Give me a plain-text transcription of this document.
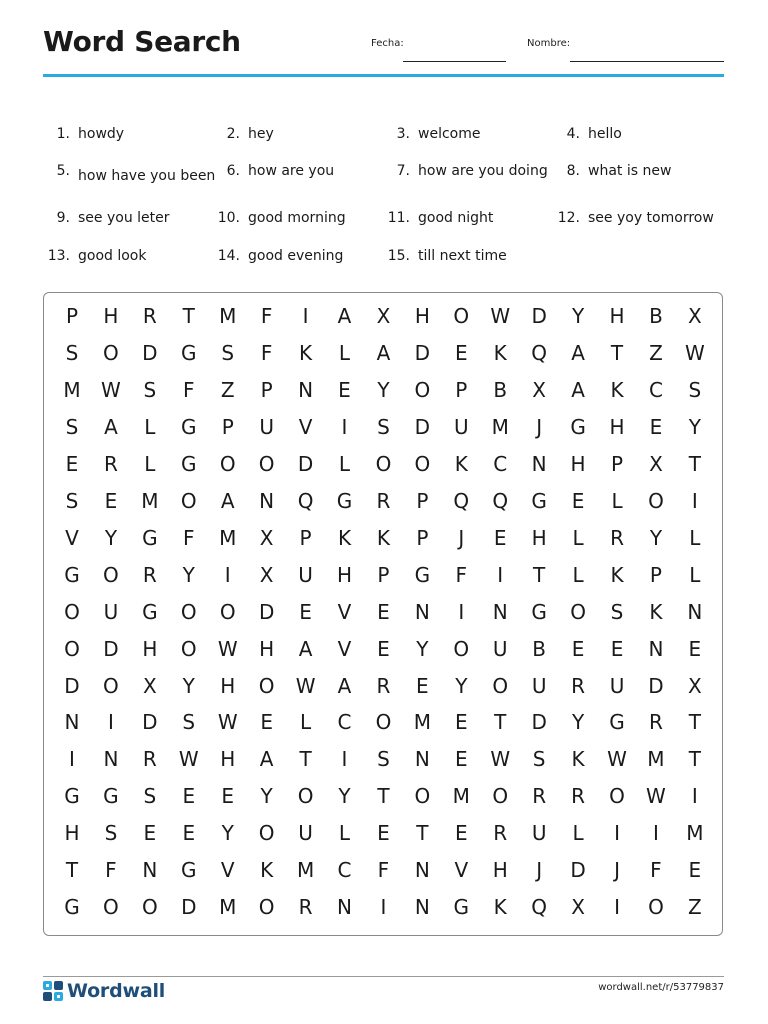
Word Search	Fecha:	Nombre:
1. howdy	2. hey	3. welcome	4. hello
5. how have you been 6. how are you	7. how are you doing	8. what is new
9. see you leter	10. good morning	11. good night	12. see yoy tomorrow
13. good look	14. good evening	15. till next time
P	H	R	T	M	F	I	A	X	H	O	W	D	Y	H	B	X
S	O	D	G	S	F	K	L	A	D	E	K	Q	A	T	Z	W
M	W	S	F	Z	P	N	E	Y	O	P	B	X	A	K	C	S
S	A	L	G	P	U	V	I	S	D	U	M	J	G	H	E	Y
E	R	L	G	O	O	D	L	O	O	K	C	N	H	P	X	T
S	E	M	O	A	N	Q	G	R	P	Q	Q	G	E	L	O	I
V	Y	G	F	M	X	P	K	K	P	J	E	H	L	R	Y	L
G	O	R	Y	I	X	U	H	P	G	F	I	T	L	K	P	L
O	U	G	O	O	D	E	V	E	N	I	N	G	O	S	K	N
O	D	H	O	W	H	A	V	E	Y	O	U	B	E	E	N	E
D	O	X	Y	H	O	W	A	R	E	Y	O	U	R	U	D	X
N	I	D	S	W	E	L	C	O	M	E	T	D	Y	G	R	T
I	N	R	W	H	A	T	I	S	N	E	W	S	K	W	M	T
G	G	S	E	E	Y	O	Y	T	O	M	O	R	R	O	W	I
H	S	E	E	Y	O	U	L	E	T	E	R	U	L	I	I	M
T	F	N	G	V	K	M	C	F	N	V	H	J	D	J	F	E
G	O	O	D	M	O	R	N	I	N	G	K	Q	X	I	O	Z
Wordwall	wordwall.net/r/53779837
